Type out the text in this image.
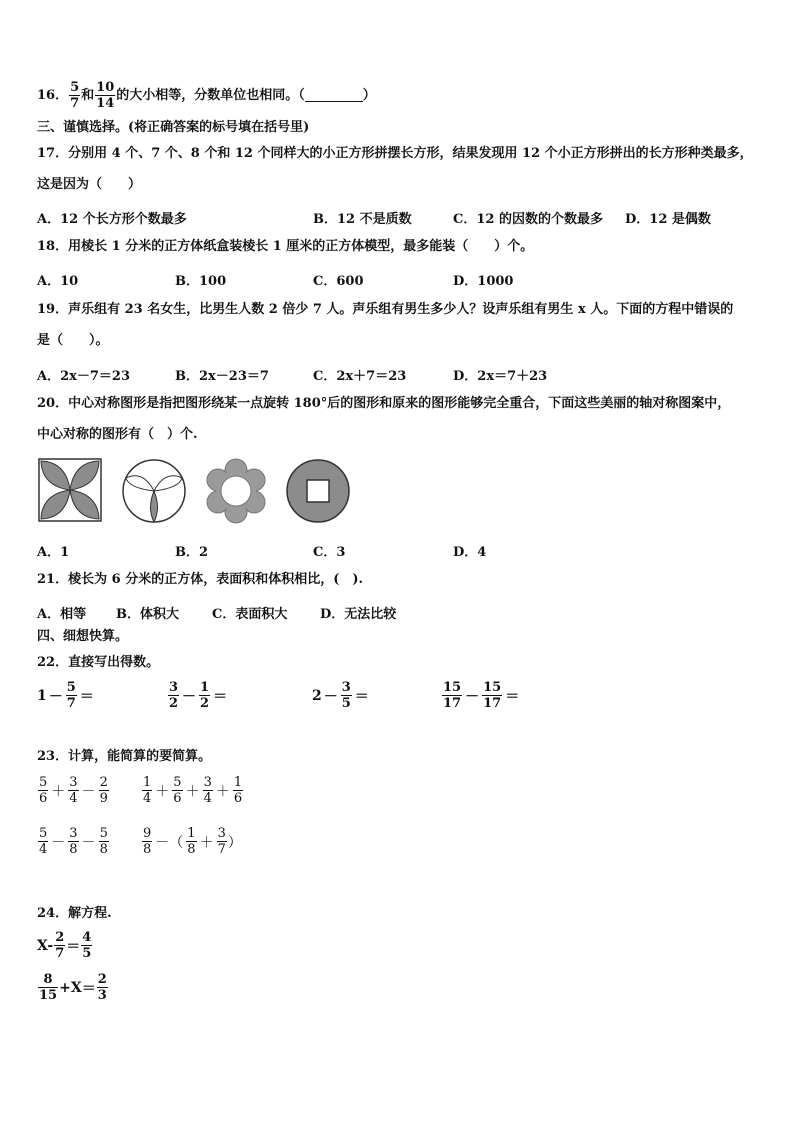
16． $\frac{5}{7}$ 和 $\frac{10}{14}$ 的大小相等，分数单位也相同。（	）
三、谨慎选择。(将正确答案的标号填在括号里)
17．分别用 4 个、7 个、8 个和 12 个同样大的小正方形拼摆长方形，结果发现用 12 个小正方形拼出的长方形种类最多，
这是因为（　　）
A．12 个长方形个数最多	B．12 不是质数	C．12 的因数的个数最多 D．12 是偶数
18．用棱长 1 分米的正方体纸盒装棱长 1 厘米的正方体模型，最多能装（　　）个。
A．10	B．100	C．600	D．1000
19．声乐组有 23 名女生，比男生人数 2 倍少 7 人。声乐组有男生多少人？设声乐组有男生 x 人。下面的方程中错误的
是（　　）。
A．2x－7＝23	B．2x－23＝7	C．2x＋7＝23	D．2x＝7＋23
20．中心对称图形是指把图形绕某一点旋转 180°后的图形和原来的图形能够完全重合，下面这些美丽的轴对称图案中，
中心对称的图形有（　）个.
A．1	B．2	C．3	D．4
21．棱长为 6 分米的正方体，表面积和体积相比，(　).
A．相等 B．体积大	C．表面积大	D．无法比较
四、细想快算。
22．直接写出得数。
$1 - \frac{5}{7}$ ＝	$\frac{3}{2} - \frac{1}{2}$ ＝	$2 - \frac{3}{5}$ ＝	$\frac{15}{17} - \frac{15}{17}$ ＝
23．计算，能简算的要简算。
$\frac{5}{6} + \frac{3}{4} - \frac{2}{9}$	$\frac{1}{4} + \frac{5}{6} + \frac{3}{4} + \frac{1}{6}$
$\frac{5}{4} - \frac{3}{8} - \frac{5}{8}$	$\frac{9}{8}$ －（ $\frac{1}{8} + \frac{3}{7}$ ）
24．解方程.
$X- \frac{2}{7} = \frac{4}{5}$
$\frac{8}{15} +X = \frac{2}{3}$
